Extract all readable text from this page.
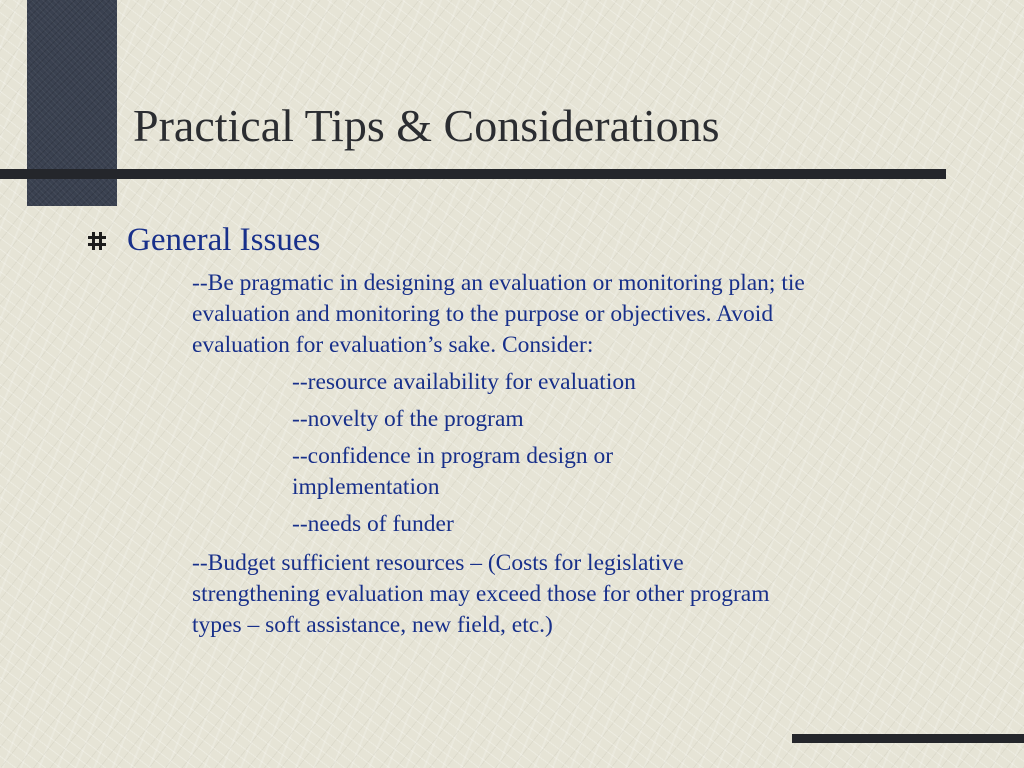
Practical Tips & Considerations
General Issues

--Be pragmatic in designing an evaluation or monitoring plan; tie
evaluation and monitoring to the purpose or objectives. Avoid
evaluation for evaluation’s sake. Consider:

--resource availability for evaluation
--novelty of the program
--confidence in program design or
implementation
--needs of funder

--Budget sufficient resources – (Costs for legislative
strengthening evaluation may exceed those for other program
types – soft assistance, new field, etc.)
